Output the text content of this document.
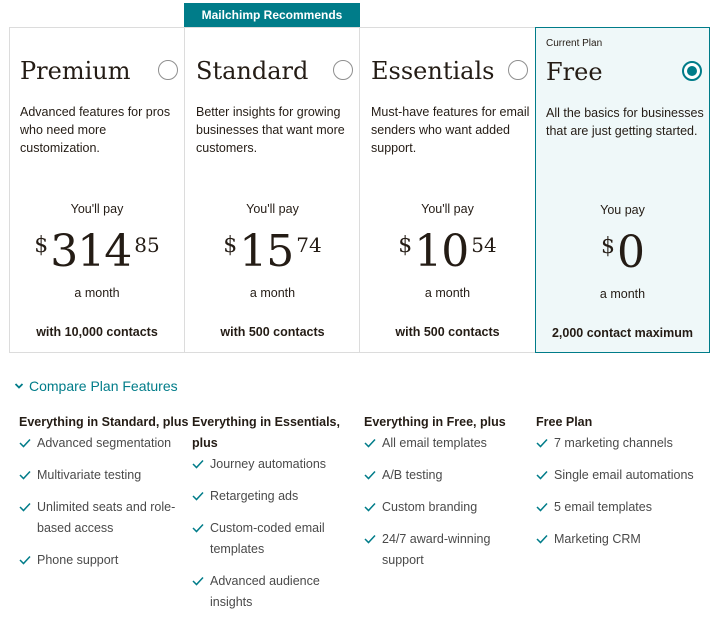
Mailchimp Recommends
Premium
Advanced features for pros who need more customization.
You'll pay
$ 314 85
a month
with 10,000 contacts
Standard
Better insights for growing businesses that want more customers.
You'll pay
$ 15 74
a month
with 500 contacts
Essentials
Must-have features for email senders who want added support.
You'll pay
$ 10 54
a month
with 500 contacts
Current Plan
Free
All the basics for businesses that are just getting started.
You pay
$ 0
a month
2,000 contact maximum
Compare Plan Features
Everything in Standard, plus
Advanced segmentation
Multivariate testing
Unlimited seats and role-based access
Phone support
Everything in Essentials, plus
Journey automations
Retargeting ads
Custom-coded email templates
Advanced audience insights
Everything in Free, plus
All email templates
A/B testing
Custom branding
24/7 award-winning support
Free Plan
7 marketing channels
Single email automations
5 email templates
Marketing CRM
